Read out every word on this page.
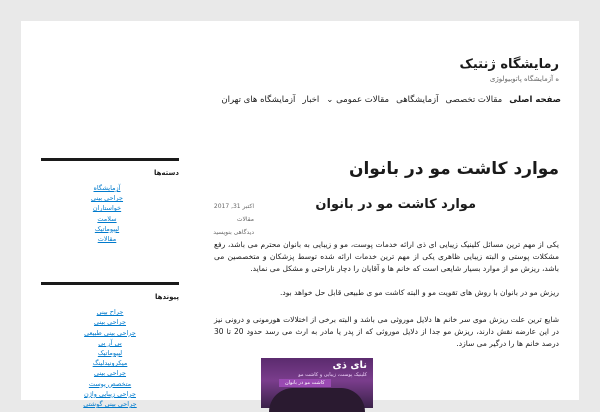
رمایشگاه ژنتیک

ه آزمایشگاه پاتوبیولوژی

صفحه اصلی
مقالات تخصصی
آزمایشگاهی
مقالات عمومی ⌄
اخبار
آزمایشگاه های تهران
دسته‌ها
آزمایشگاه
جراحی بینی
خواستاران
سلامت
لیپوماتیک
مقالات
پیوندها
جراح بینی
جراحی بینی
جراحی بینی طبیعی
بی آر بی
لیپوماتیک
میکرونیدلینگ
جراحی بینی
متخصص پوست
جراحی زیبایی واژن
جراحی بینی گوشتی
موارد کاشت مو در بانوان
اکتبر 31, 2017
مقالات
دیدگاهی بنویسید
موارد کاشت مو در بانوان

یکی از مهم ترین مسائل کلینیک زیبایی ای ذی ارائه خدمات پوست، مو و زیبایی به بانوان محترم می باشد، رفع مشکلات پوستی و البته زیبایی ظاهری یکی از مهم ترین خدمات ارائه شده توسط پزشکان و متخصصین می باشد، ریزش مو از موارد بسیار شایعی است که خانم ها و آقایان را دچار ناراحتی و مشکل می نماید.

ریزش مو در بانوان با روش های تقویت مو و البته کاشت مو ی طبیعی قابل حل خواهد بود.

شایع ترین علت ریزش موی سر خانم ها دلایل موروثی می باشد و البته برخی از اختلالات هورمونی و درونی نیز در این عارضه نقش دارند، ریزش مو جدا از دلایل موروثی که از پدر یا مادر به ارث می رسد حدود 20 تا 30 درصد خانم ها را درگیر می سازد.

نای ذی
کلینیک پوست، زیبایی و کاشت مو
کاشت مو در بانوان
